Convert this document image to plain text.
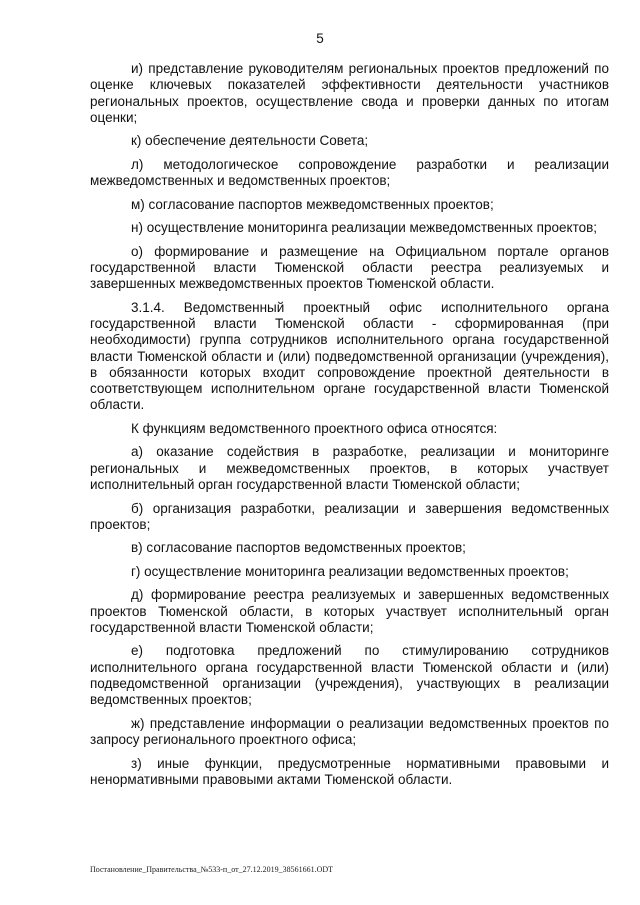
5

и) представление руководителям региональных проектов предложений по оценке ключевых показателей эффективности деятельности участников региональных проектов, осуществление свода и проверки данных по итогам оценки;

к) обеспечение деятельности Совета;

л) методологическое сопровождение разработки и реализации межведомственных и ведомственных проектов;

м) согласование паспортов межведомственных проектов;

н) осуществление мониторинга реализации межведомственных проектов;

о) формирование и размещение на Официальном портале органов государственной власти Тюменской области реестра реализуемых и завершенных межведомственных проектов Тюменской области.

3.1.4. Ведомственный проектный офис исполнительного органа государственной власти Тюменской области - сформированная (при необходимости) группа сотрудников исполнительного органа государственной власти Тюменской области и (или) подведомственной организации (учреждения), в обязанности которых входит сопровождение проектной деятельности в соответствующем исполнительном органе государственной власти Тюменской области.

К функциям ведомственного проектного офиса относятся:

а) оказание содействия в разработке, реализации и мониторинге региональных и межведомственных проектов, в которых участвует исполнительный орган государственной власти Тюменской области;

б) организация разработки, реализации и завершения ведомственных проектов;

в) согласование паспортов ведомственных проектов;

г) осуществление мониторинга реализации ведомственных проектов;

д) формирование реестра реализуемых и завершенных ведомственных проектов Тюменской области, в которых участвует исполнительный орган государственной власти Тюменской области;

е) подготовка предложений по стимулированию сотрудников исполнительного органа государственной власти Тюменской области и (или) подведомственной организации (учреждения), участвующих в реализации ведомственных проектов;

ж) представление информации о реализации ведомственных проектов по запросу регионального проектного офиса;

з) иные функции, предусмотренные нормативными правовыми и ненормативными правовыми актами Тюменской области.

Постановление_Правительства_№533-п_от_27.12.2019_38561661.ODT
